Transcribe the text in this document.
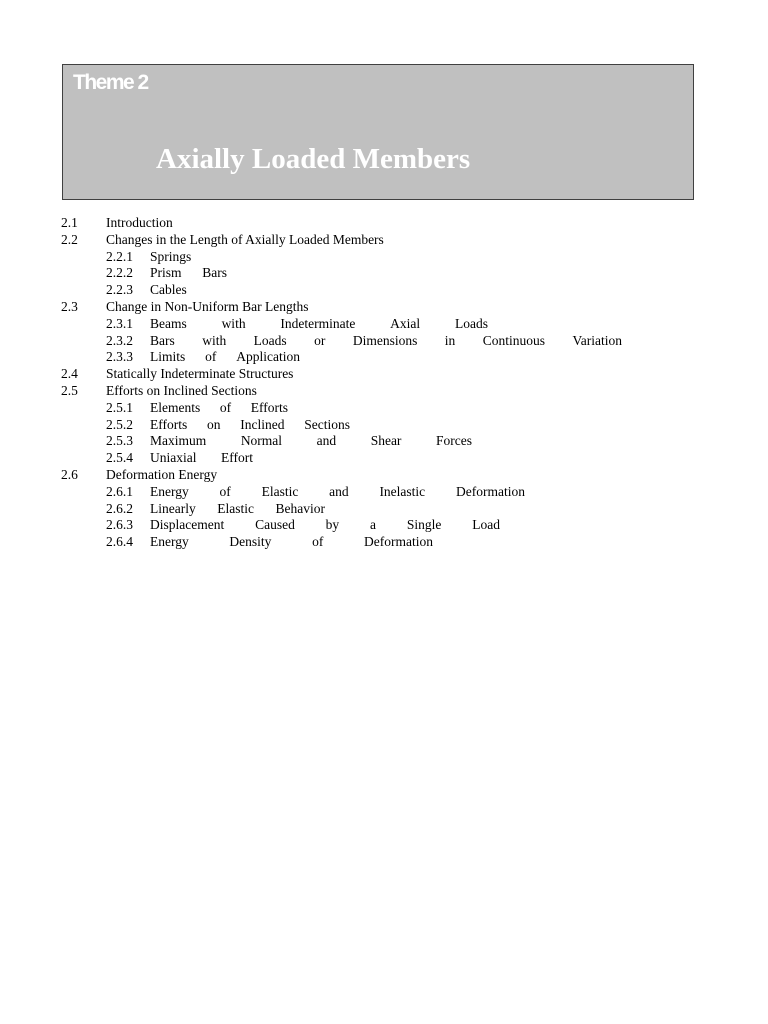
Theme 2
Axially Loaded Members
2.1 Introduction
2.2 Changes in the Length of Axially Loaded Members
2.2.1 Springs
2.2.2 Prism Bars
2.2.3 Cables
2.3 Change in Non-Uniform Bar Lengths
2.3.1 Beams	with	Indeterminate	Axial	Loads
2.3.2 Bars with Loads or Dimensions in Continuous Variation
2.3.3 Limits of Application
2.4 Statically Indeterminate Structures
2.5 Efforts on Inclined Sections
2.5.1 Elements of Efforts
2.5.2 Efforts on Inclined Sections
2.5.3 Maximum	Normal	and	Shear	Forces
2.5.4 Uniaxial Effort
2.6 Deformation Energy
2.6.1 Energy of Elastic and Inelastic Deformation
2.6.2 Linearly Elastic Behavior
2.6.3 Displacement Caused by a Single Load
2.6.4 Energy	Density	of	Deformation
